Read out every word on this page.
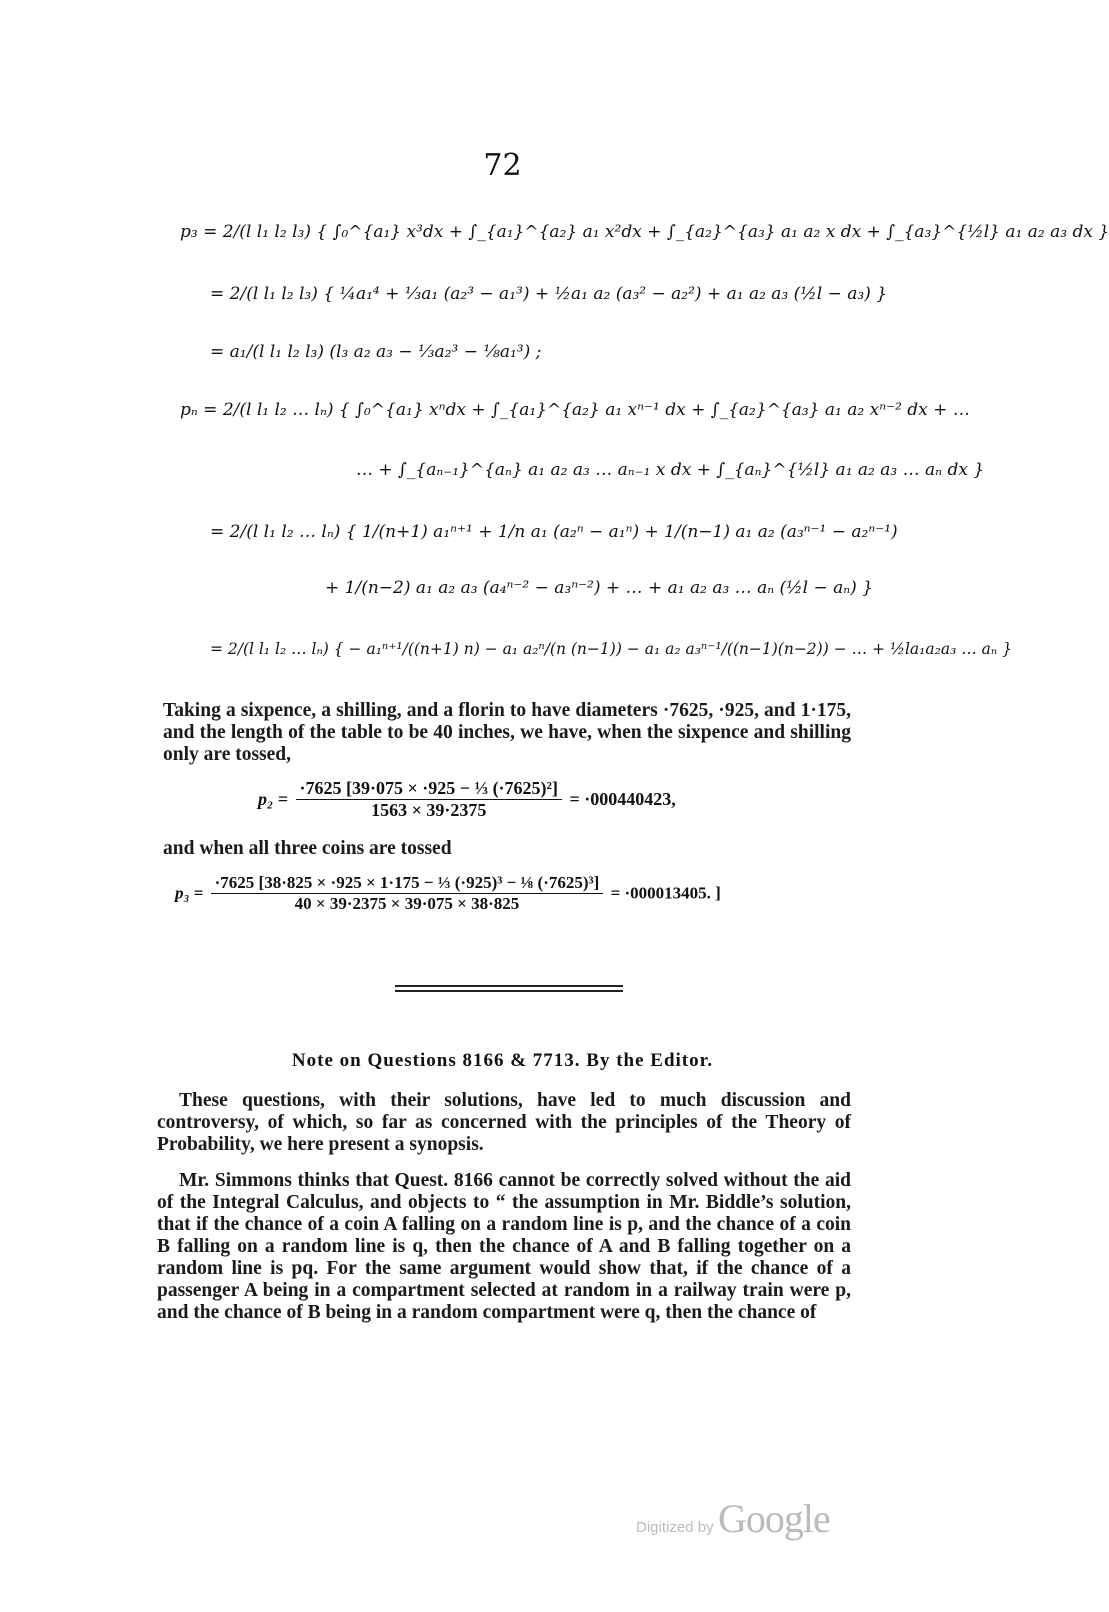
72
p₃ = 2/(l l₁ l₂ l₃) { ∫₀^{a₁} x³dx + ∫_{a₁}^{a₂} a₁ x²dx + ∫_{a₂}^{a₃} a₁ a₂ x dx + ∫_{a₃}^{½l} a₁ a₂ a₃ dx }
= 2/(l l₁ l₂ l₃) { ¼a₁⁴ + ⅓a₁ (a₂³ − a₁³) + ½a₁ a₂ (a₃² − a₂²) + a₁ a₂ a₃ (½l − a₃) }
= a₁/(l l₁ l₂ l₃) (l₃ a₂ a₃ − ⅓a₂³ − ⅛a₁³) ;
pₙ = 2/(l l₁ l₂ … lₙ) { ∫₀^{a₁} xⁿdx + ∫_{a₁}^{a₂} a₁ xⁿ⁻¹ dx + ∫_{a₂}^{a₃} a₁ a₂ xⁿ⁻² dx + …
… + ∫_{aₙ₋₁}^{aₙ} a₁ a₂ a₃ … aₙ₋₁ x dx + ∫_{aₙ}^{½l} a₁ a₂ a₃ … aₙ dx }
= 2/(l l₁ l₂ … lₙ) { 1/(n+1) a₁ⁿ⁺¹ + 1/n a₁ (a₂ⁿ − a₁ⁿ) + 1/(n−1) a₁ a₂ (a₃ⁿ⁻¹ − a₂ⁿ⁻¹)
+ 1/(n−2) a₁ a₂ a₃ (a₄ⁿ⁻² − a₃ⁿ⁻²) + … + a₁ a₂ a₃ … aₙ (½l − aₙ) }
= 2/(l l₁ l₂ … lₙ) { − a₁ⁿ⁺¹/((n+1) n) − a₁ a₂ⁿ/(n (n−1)) − a₁ a₂ a₃ⁿ⁻¹/((n−1)(n−2)) − … + ½la₁a₂a₃ … aₙ }

Taking a sixpence, a shilling, and a florin to have diameters ·7625, ·925, and 1·175, and the length of the table to be 40 inches, we have, when the sixpence and shilling only are tossed,

$p_2 = \frac{\text{·7625 [39·075 × ·925 − ⅓ (·7625)²]}}{1563 \times 39\cdot 2375} = \cdot 000440423$,

and when all three coins are tossed

$p_3 = \frac{\text{·7625 [38·825 × ·925 × 1·175 − ⅓ (·925)³ − ⅛ (·7625)³]}}{40 \times 39\cdot 2375 \times 39\cdot 075 \times 38\cdot 825} = \cdot 000013405$. ]
Note on Questions 8166 & 7713. By the Editor.

These questions, with their solutions, have led to much discussion and controversy, of which, so far as concerned with the principles of the Theory of Probability, we here present a synopsis.

Mr. Simmons thinks that Quest. 8166 cannot be correctly solved without the aid of the Integral Calculus, and objects to “ the assumption in Mr. Biddle’s solution, that if the chance of a coin A falling on a random line is p, and the chance of a coin B falling on a random line is q, then the chance of A and B falling together on a random line is pq. For the same argument would show that, if the chance of a passenger A being in a compartment selected at random in a railway train were p, and the chance of B being in a random compartment were q, then the chance of

Digitized by Google
